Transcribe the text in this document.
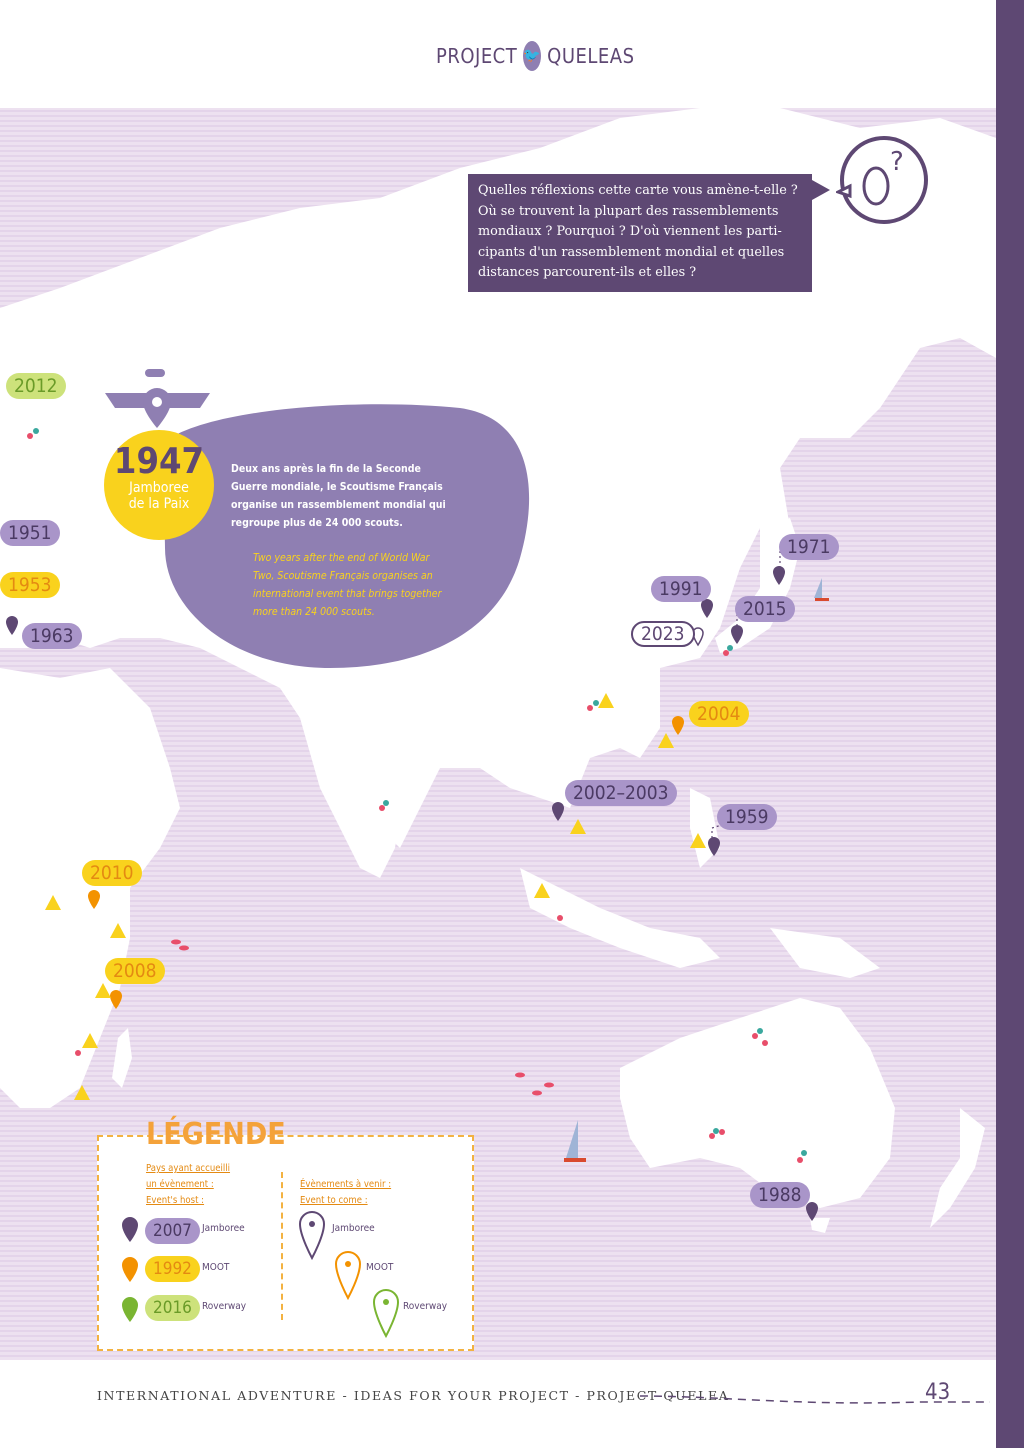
PROJECT 🐦 QUELEAS
Quelles réflexions cette carte vous amène-t-elle ?
Où se trouvent la plupart des rassemblements
mondiaux ? Pourquoi ? D'où viennent les parti-
cipants d'un rassemblement mondial et quelles
distances parcourent-ils et elles ?
?
1947
Jamboree
de la Paix
Deux ans après la fin de la Seconde
Guerre mondiale, le Scoutisme Français
organise un rassemblement mondial qui
regroupe plus de 24 000 scouts.
Two years after the end of World War
Two, Scoutisme Français organises an
international event that brings together
more than 24 000 scouts.
2012
1951
1953
1963
1971
1991
2015
2023
2004
2002–2003
1959
2010
2008
1988
LÉGENDE
Pays ayant accueilli
un évènement :
Event's host :
Évènements à venir :
Event to come :
2007
1992
2016
Jamboree
MOOT
Roverway
Jamboree
MOOT
Roverway
INTERNATIONAL ADVENTURE - IDEAS FOR YOUR PROJECT - PROJECT QUELEA	43
